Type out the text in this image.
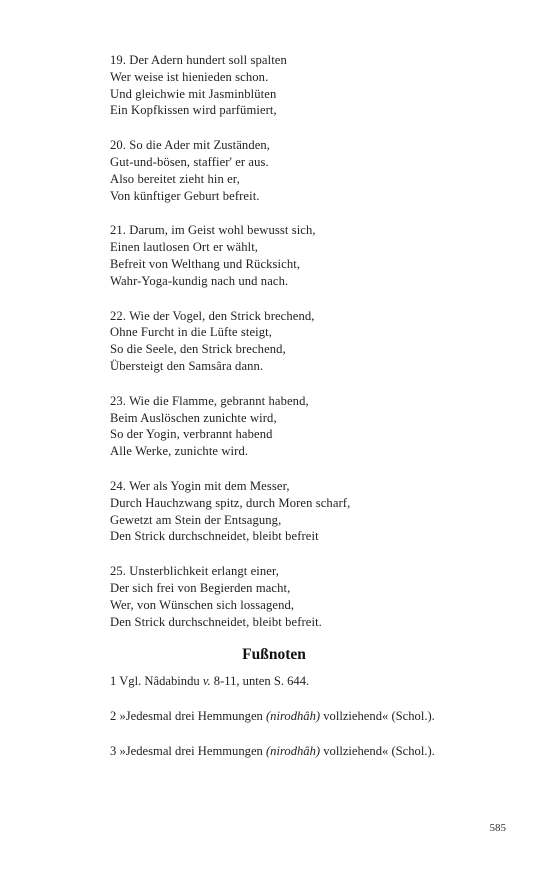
19. Der Adern hundert soll spalten
Wer weise ist hienieden schon.
Und gleichwie mit Jasminblüten
Ein Kopfkissen wird parfümiert,
20. So die Ader mit Zuständen,
Gut-und-bösen, staffier' er aus.
Also bereitet zieht hin er,
Von künftiger Geburt befreit.
21. Darum, im Geist wohl bewusst sich,
Einen lautlosen Ort er wählt,
Befreit von Welthang und Rücksicht,
Wahr-Yoga-kundig nach und nach.
22. Wie der Vogel, den Strick brechend,
Ohne Furcht in die Lüfte steigt,
So die Seele, den Strick brechend,
Übersteigt den Samsâra dann.
23. Wie die Flamme, gebrannt habend,
Beim Auslöschen zunichte wird,
So der Yogin, verbrannt habend
Alle Werke, zunichte wird.
24. Wer als Yogin mit dem Messer,
Durch Hauchzwang spitz, durch Moren scharf,
Gewetzt am Stein der Entsagung,
Den Strick durchschneidet, bleibt befreit
25. Unsterblichkeit erlangt einer,
Der sich frei von Begierden macht,
Wer, von Wünschen sich lossagend,
Den Strick durchschneidet, bleibt befreit.
Fußnoten
1 Vgl. Nâdabindu v. 8-11, unten S. 644.
2 »Jedesmal drei Hemmungen (nirodhâh) vollziehend« (Schol.).
3 »Jedesmal drei Hemmungen (nirodhâh) vollziehend« (Schol.).
585
